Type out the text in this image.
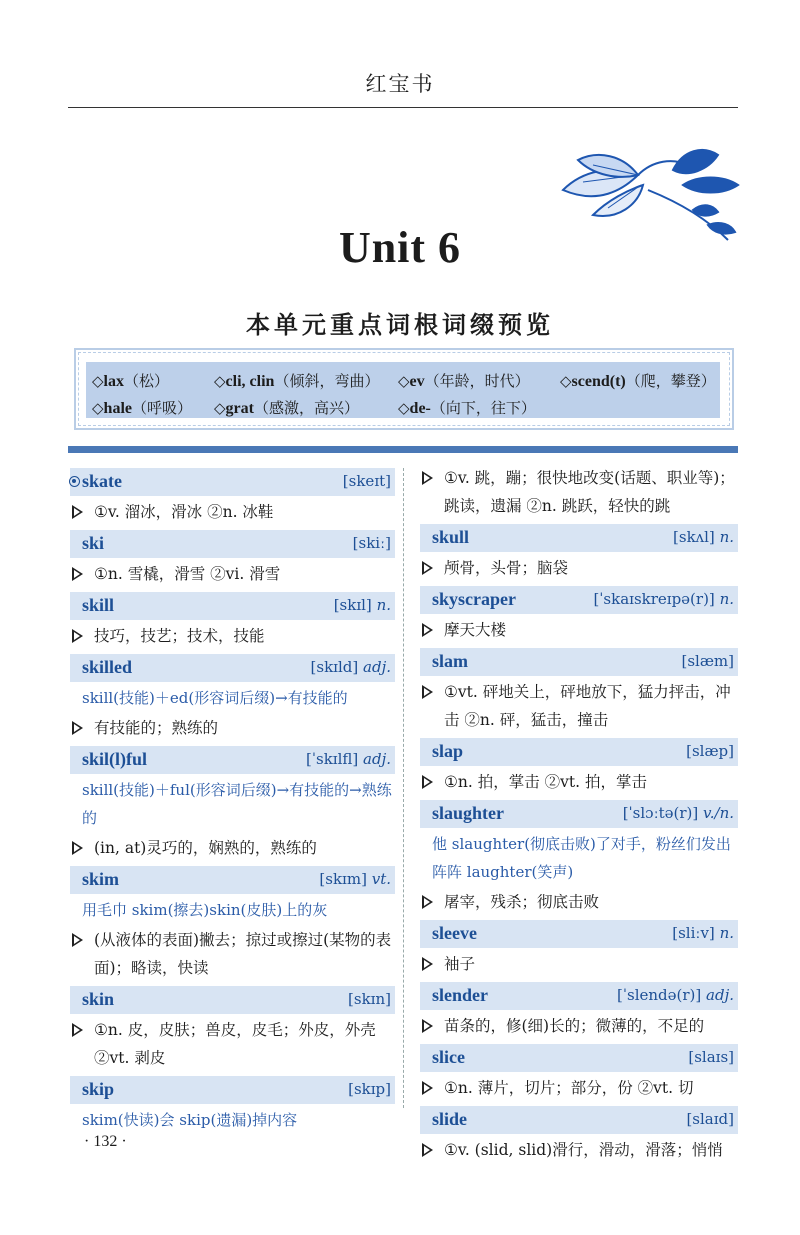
红宝书
Unit 6
本单元重点词根词缀预览
◇lax（松）	◇cli, clin（倾斜，弯曲） ◇ev（年龄，时代） ◇scend(t)（爬，攀登）
◇hale（呼吸） ◇grat（感激，高兴）	◇de-（向下，往下）
skate	[skeɪt]
①v. 溜冰，滑冰 ②n. 冰鞋
ski	[skiː]
①n. 雪橇，滑雪 ②vi. 滑雪
skill	[skɪl] n.
技巧，技艺；技术，技能
skilled	[skɪld] adj.
skill(技能)＋ed(形容词后缀)→有技能的
有技能的；熟练的
skil(l)ful	[ˈskɪlfl] adj.
skill(技能)＋ful(形容词后缀)→有技能的→熟练的
(in, at)灵巧的，娴熟的，熟练的
skim	[skɪm] vt.
用毛巾 skim(擦去)skin(皮肤)上的灰
(从液体的表面)撇去；掠过或擦过(某物的表面)；略读，快读
skin	[skɪn]
①n. 皮，皮肤；兽皮，皮毛；外皮，外壳 ②vt. 剥皮
skip	[skɪp]
skim(快读)会 skip(遗漏)掉内容
①v. 跳，蹦；很快地改变(话题、职业等)；跳读，遗漏 ②n. 跳跃，轻快的跳
skull	[skʌl] n.
颅骨，头骨；脑袋
skyscraper	[ˈskaɪskreɪpə(r)] n.
摩天大楼
slam	[slæm]
①vt. 砰地关上，砰地放下，猛力抨击，冲击 ②n. 砰，猛击，撞击
slap	[slæp]
①n. 拍，掌击 ②vt. 拍，掌击
slaughter	[ˈslɔːtə(r)] v./n.
他 slaughter(彻底击败)了对手，粉丝们发出阵阵 laughter(笑声)
屠宰，残杀；彻底击败
sleeve	[sliːv] n.
袖子
slender	[ˈslendə(r)] adj.
苗条的，修(细)长的；微薄的，不足的
slice	[slaɪs]
①n. 薄片，切片；部分，份 ②vt. 切
slide	[slaɪd]
①v. (slid, slid)滑行，滑动，滑落；悄悄
· 132 ·
